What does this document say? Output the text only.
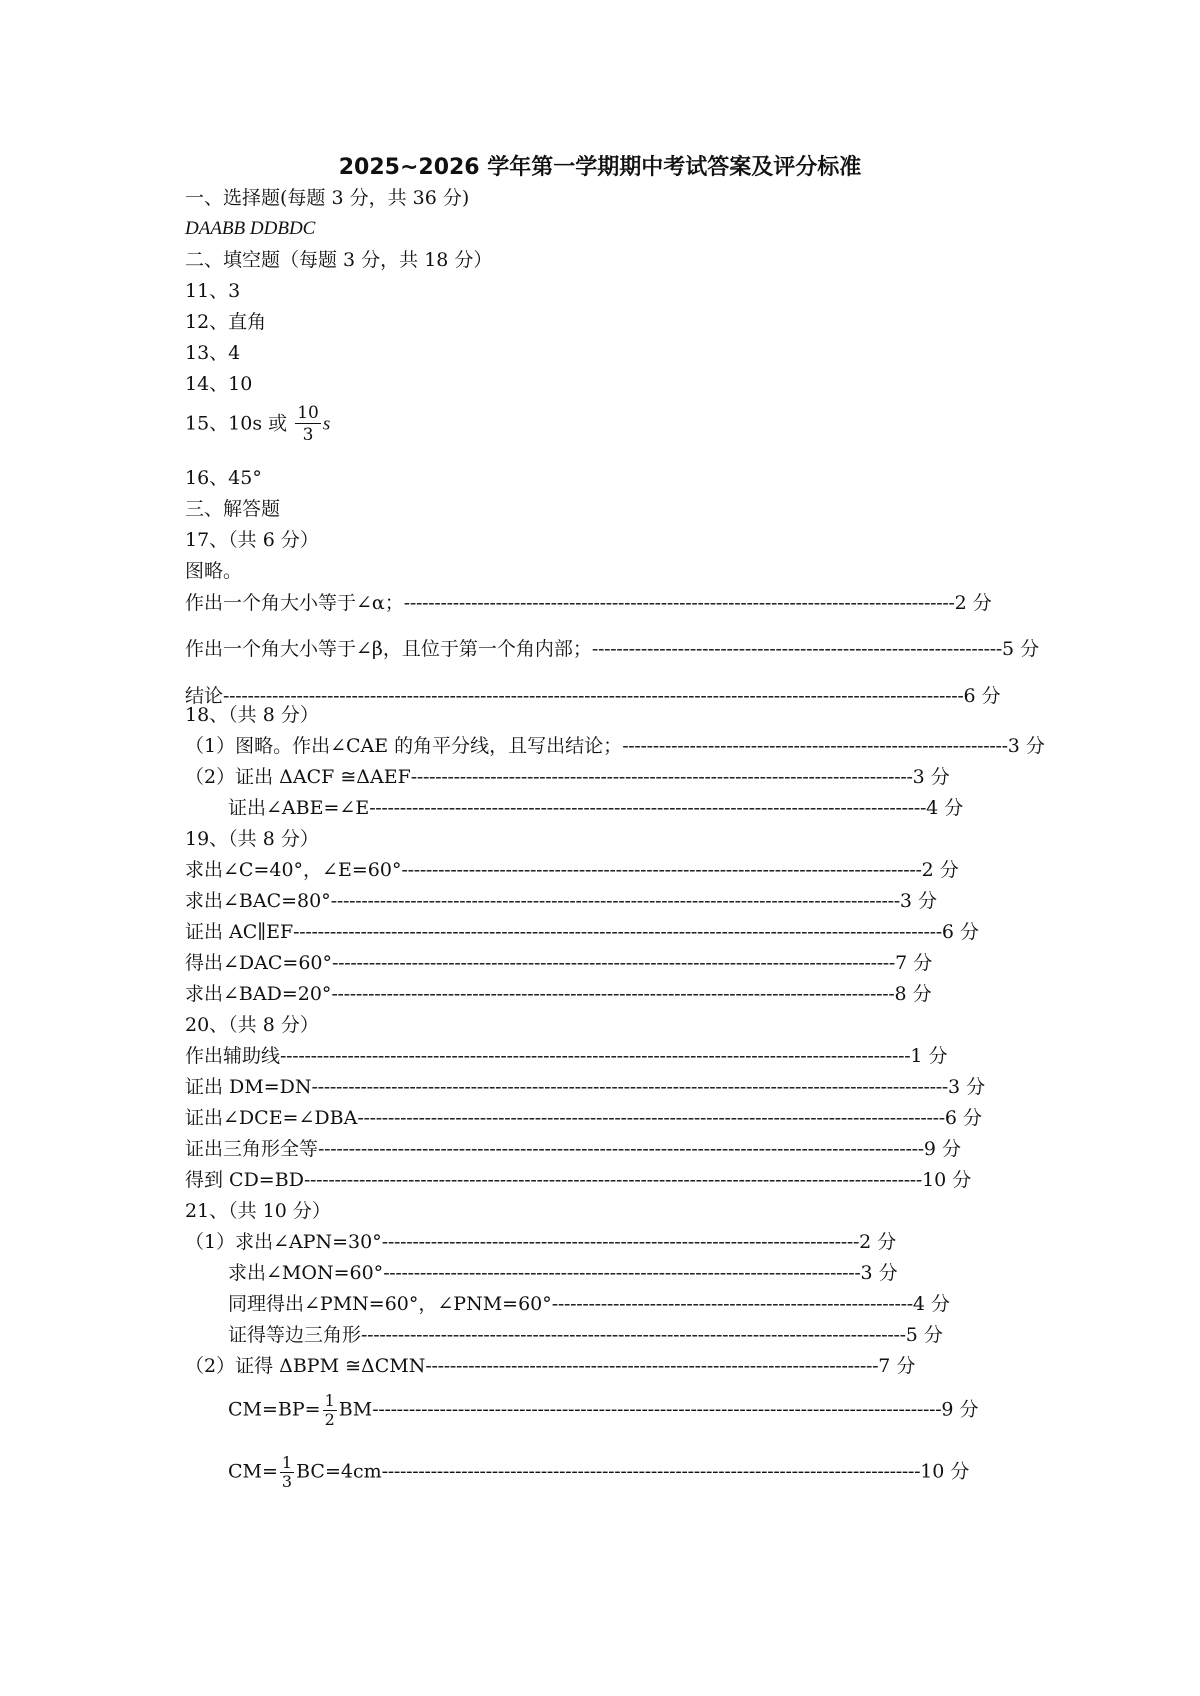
2025~2026 学年第一学期期中考试答案及评分标准
一、选择题(每题 3 分，共 36 分)
DAABB DDBDC
二、填空题（每题 3 分，共 18 分）
11、3
12、直角
13、4
14、10
16、45°
三、解答题
17、（共 6 分）
图略。
18、（共 8 分）
19、（共 8 分）
20、（共 8 分）
作出一个角大小等于∠α；------------------------------------------------------------------------------------------2 分
作出一个角大小等于∠β，且位于第一个角内部；-------------------------------------------------------------------5 分
结论-------------------------------------------------------------------------------------------------------------------------6 分
（1）图略。作出∠CAE 的角平分线，且写出结论；---------------------------------------------------------------3 分
（2）证出 ΔACF ≅ΔAEF----------------------------------------------------------------------------------3 分
证出∠ABE=∠E-------------------------------------------------------------------------------------------4 分
求出∠C=40°，∠E=60°-------------------------------------------------------------------------------------2 分
求出∠BAC=80°---------------------------------------------------------------------------------------------3 分
证出 AC∥EF----------------------------------------------------------------------------------------------------------6 分
得出∠DAC=60°--------------------------------------------------------------------------------------------7 分
求出∠BAD=20°--------------------------------------------------------------------------------------------8 分
作出辅助线-------------------------------------------------------------------------------------------------------1 分
证出 DM=DN--------------------------------------------------------------------------------------------------------3 分
证出∠DCE=∠DBA------------------------------------------------------------------------------------------------6 分
证出三角形全等---------------------------------------------------------------------------------------------------9 分
得到 CD=BD-----------------------------------------------------------------------------------------------------10 分
（1）求出∠APN=30°------------------------------------------------------------------------------2 分
求出∠MON=60°------------------------------------------------------------------------------3 分
同理得出∠PMN=60°，∠PNM=60°-----------------------------------------------------------4 分
证得等边三角形-----------------------------------------------------------------------------------------5 分
（2）证得 ΔBPM ≅ΔCMN--------------------------------------------------------------------------7 分
21、（共 10 分）
15、10s 或 $\frac{10}{3}$ s
$CM=BP= \frac{1}{2} BM---------------------------------------------------------------------------------------------9$ 分
$CM= \frac{1}{3} BC=4cm----------------------------------------------------------------------------------------10$ 分
